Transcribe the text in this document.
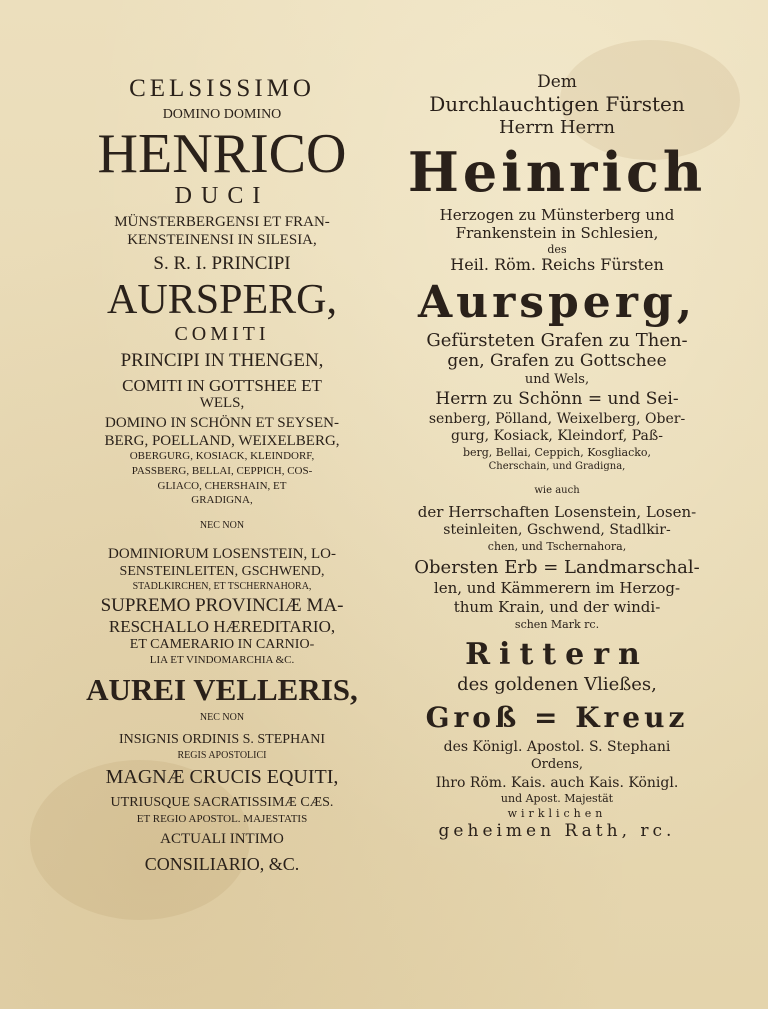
CELSISSIMO
DOMINO DOMINO
HENRICO
DUCI
MÜNSTERBERGENSI ET FRAN-
KENSTEINENSI IN SILESIA,
S. R. I. PRINCIPI
AURSPERG,
COMITI
PRINCIPI IN THENGEN,
COMITI IN GOTTSHEE ET
WELS,
DOMINO IN SCHÖNN ET SEYSEN-
BERG, POELLAND, WEIXELBERG,
OBERGURG, KOSIACK, KLEINDORF,
PASSBERG, BELLAI, CEPPICH, COS-
GLIACO, CHERSHAIN, ET
GRADIGNA,
NEC NON
DOMINIORUM LOSENSTEIN, LO-
SENSTEINLEITEN, GSCHWEND,
STADLKIRCHEN, ET TSCHERNAHORA,
SUPREMO PROVINCIÆ MA-
RESCHALLO HÆREDITARIO,
ET CAMERARIO IN CARNIO-
LIA ET VINDOMARCHIA &C.
AUREI VELLERIS,
NEC NON
INSIGNIS ORDINIS S. STEPHANI
REGIS APOSTOLICI
MAGNÆ CRUCIS EQUITI,
UTRIUSQUE SACRATISSIMÆ CÆS.
ET REGIO APOSTOL. MAJESTATIS
ACTUALI INTIMO
CONSILIARIO, &C.
Dem
Durchlauchtigen Fürsten
Herrn Herrn
Heinrich
Herzogen zu Münsterberg und
Frankenstein in Schlesien,
des
Heil. Röm. Reichs Fürsten
Aursperg,
Gefürsteten Grafen zu Then-
gen, Grafen zu Gottschee
und Wels,
Herrn zu Schönn = und Sei-
senberg, Pölland, Weixelberg, Ober-
gurg, Kosiack, Kleindorf, Paß-
berg, Bellai, Ceppich, Kosgliacko,
Cherschain, und Gradigna,
wie auch
der Herrschaften Losenstein, Losen-
steinleiten, Gschwend, Stadlkir-
chen, und Tschernahora,
Obersten Erb = Landmarschal-
len, und Kämmerern im Herzog-
thum Krain, und der windi-
schen Mark rc.
Rittern
des goldenen Vließes,
Groß = Kreuz
des Königl. Apostol. S. Stephani
Ordens,
Ihro Röm. Kais. auch Kais. Königl.
und Apost. Majestät
wirklichen
geheimen Rath, rc.
